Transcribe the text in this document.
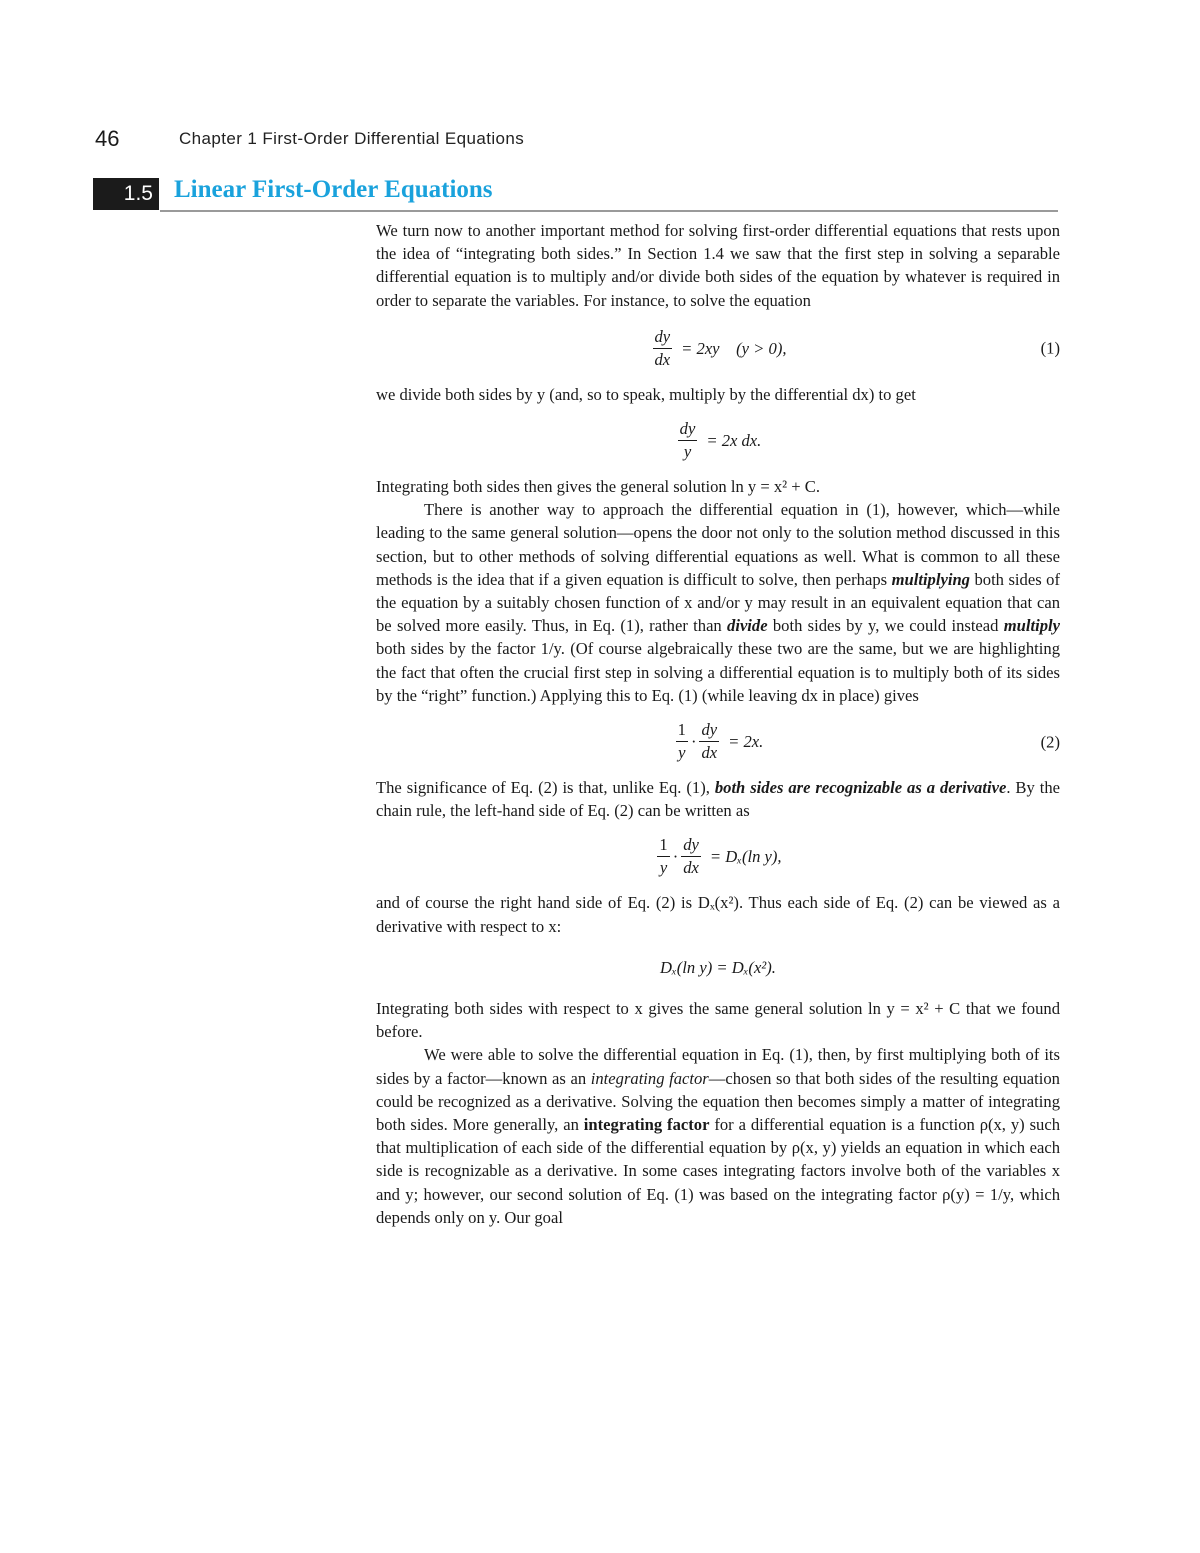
46	Chapter 1 First-Order Differential Equations
1.5 Linear First-Order Equations

We turn now to another important method for solving first-order differential equations that rests upon the idea of “integrating both sides.” In Section 1.4 we saw that the first step in solving a separable differential equation is to multiply and/or divide both sides of the equation by whatever is required in order to separate the variables. For instance, to solve the equation

$\frac{dy}{dx} = 2xy$    (y > 0),	(1)

we divide both sides by y (and, so to speak, multiply by the differential dx) to get

$\frac{dy}{y} = 2x$ dx.

Integrating both sides then gives the general solution ln y = x² + C.

There is another way to approach the differential equation in (1), however, which—while leading to the same general solution—opens the door not only to the solution method discussed in this section, but to other methods of solving differential equations as well. What is common to all these methods is the idea that if a given equation is difficult to solve, then perhaps multiplying both sides of the equation by a suitably chosen function of x and/or y may result in an equivalent equation that can be solved more easily. Thus, in Eq. (1), rather than divide both sides by y, we could instead multiply both sides by the factor 1/y. (Of course algebraically these two are the same, but we are highlighting the fact that often the crucial first step in solving a differential equation is to multiply both of its sides by the “right” function.) Applying this to Eq. (1) (while leaving dx in place) gives

$\frac{1}{y} \cdot \frac{dy}{dx} = 2x$.	(2)

The significance of Eq. (2) is that, unlike Eq. (1), both sides are recognizable as a derivative. By the chain rule, the left-hand side of Eq. (2) can be written as

$\frac{1}{y} \cdot \frac{dy}{dx} = D_x(\ln$ y),

and of course the right hand side of Eq. (2) is Dₓ(x²). Thus each side of Eq. (2) can be viewed as a derivative with respect to x:

Dₓ(ln y) = Dₓ(x²).

Integrating both sides with respect to x gives the same general solution ln y = x² + C that we found before.

We were able to solve the differential equation in Eq. (1), then, by first multiplying both of its sides by a factor—known as an integrating factor—chosen so that both sides of the resulting equation could be recognized as a derivative. Solving the equation then becomes simply a matter of integrating both sides. More generally, an integrating factor for a differential equation is a function ρ(x, y) such that multiplication of each side of the differential equation by ρ(x, y) yields an equation in which each side is recognizable as a derivative. In some cases integrating factors involve both of the variables x and y; however, our second solution of Eq. (1) was based on the integrating factor ρ(y) = 1/y, which depends only on y. Our goal
